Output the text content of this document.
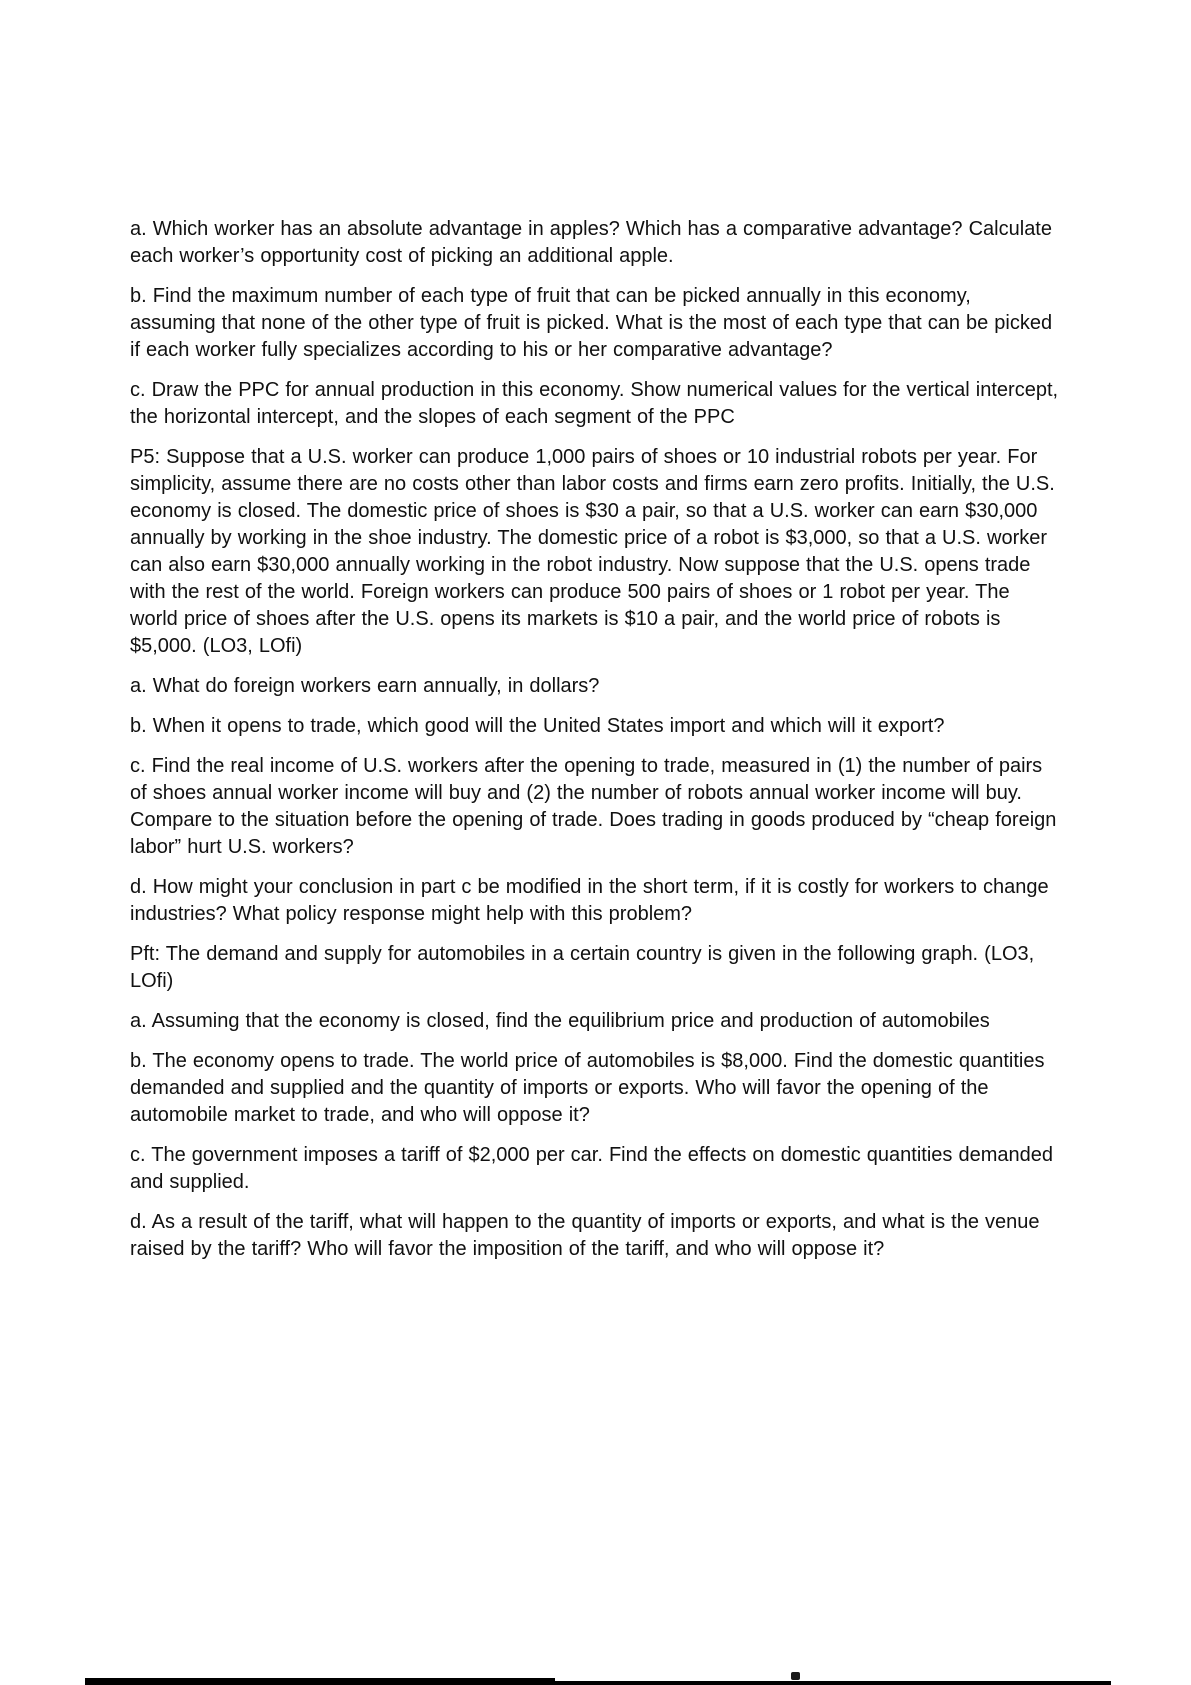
a. Which worker has an absolute advantage in apples? Which has a comparative advantage? Calculate each worker’s opportunity cost of picking an additional apple.

b. Find the maximum number of each type of fruit that can be picked annually in this economy, assuming that none of the other type of fruit is picked. What is the most of each type that can be picked if each worker fully specializes according to his or her comparative advantage?

c. Draw the PPC for annual production in this economy. Show numerical values for the vertical intercept, the horizontal intercept, and the slopes of each segment of the PPC

P5: Suppose that a U.S. worker can produce 1,000 pairs of shoes or 10 industrial robots per year. For simplicity, assume there are no costs other than labor costs and firms earn zero profits. Initially, the U.S. economy is closed. The domestic price of shoes is $30 a pair, so that a U.S. worker can earn $30,000 annually by working in the shoe industry. The domestic price of a robot is $3,000, so that a U.S. worker can also earn $30,000 annually working in the robot industry. Now suppose that the U.S. opens trade with the rest of the world. Foreign workers can produce 500 pairs of shoes or 1 robot per year. The world price of shoes after the U.S. opens its markets is $10 a pair, and the world price of robots is $5,000. (LO3, LOfi)

a. What do foreign workers earn annually, in dollars?

b. When it opens to trade, which good will the United States import and which will it export?

c. Find the real income of U.S. workers after the opening to trade, measured in (1) the number of pairs of shoes annual worker income will buy and (2) the number of robots annual worker income will buy. Compare to the situation before the opening of trade. Does trading in goods produced by “cheap foreign labor” hurt U.S. workers?

d. How might your conclusion in part c be modified in the short term, if it is costly for workers to change industries? What policy response might help with this problem?

Pft: The demand and supply for automobiles in a certain country is given in the following graph. (LO3, LOfi)

a. Assuming that the economy is closed, find the equilibrium price and production of automobiles

b. The economy opens to trade. The world price of automobiles is $8,000. Find the domestic quantities demanded and supplied and the quantity of imports or exports. Who will favor the opening of the automobile market to trade, and who will oppose it?

c. The government imposes a tariff of $2,000 per car. Find the effects on domestic quantities demanded and supplied.

d. As a result of the tariff, what will happen to the quantity of imports or exports, and what is the venue raised by the tariff? Who will favor the imposition of the tariff, and who will oppose it?
